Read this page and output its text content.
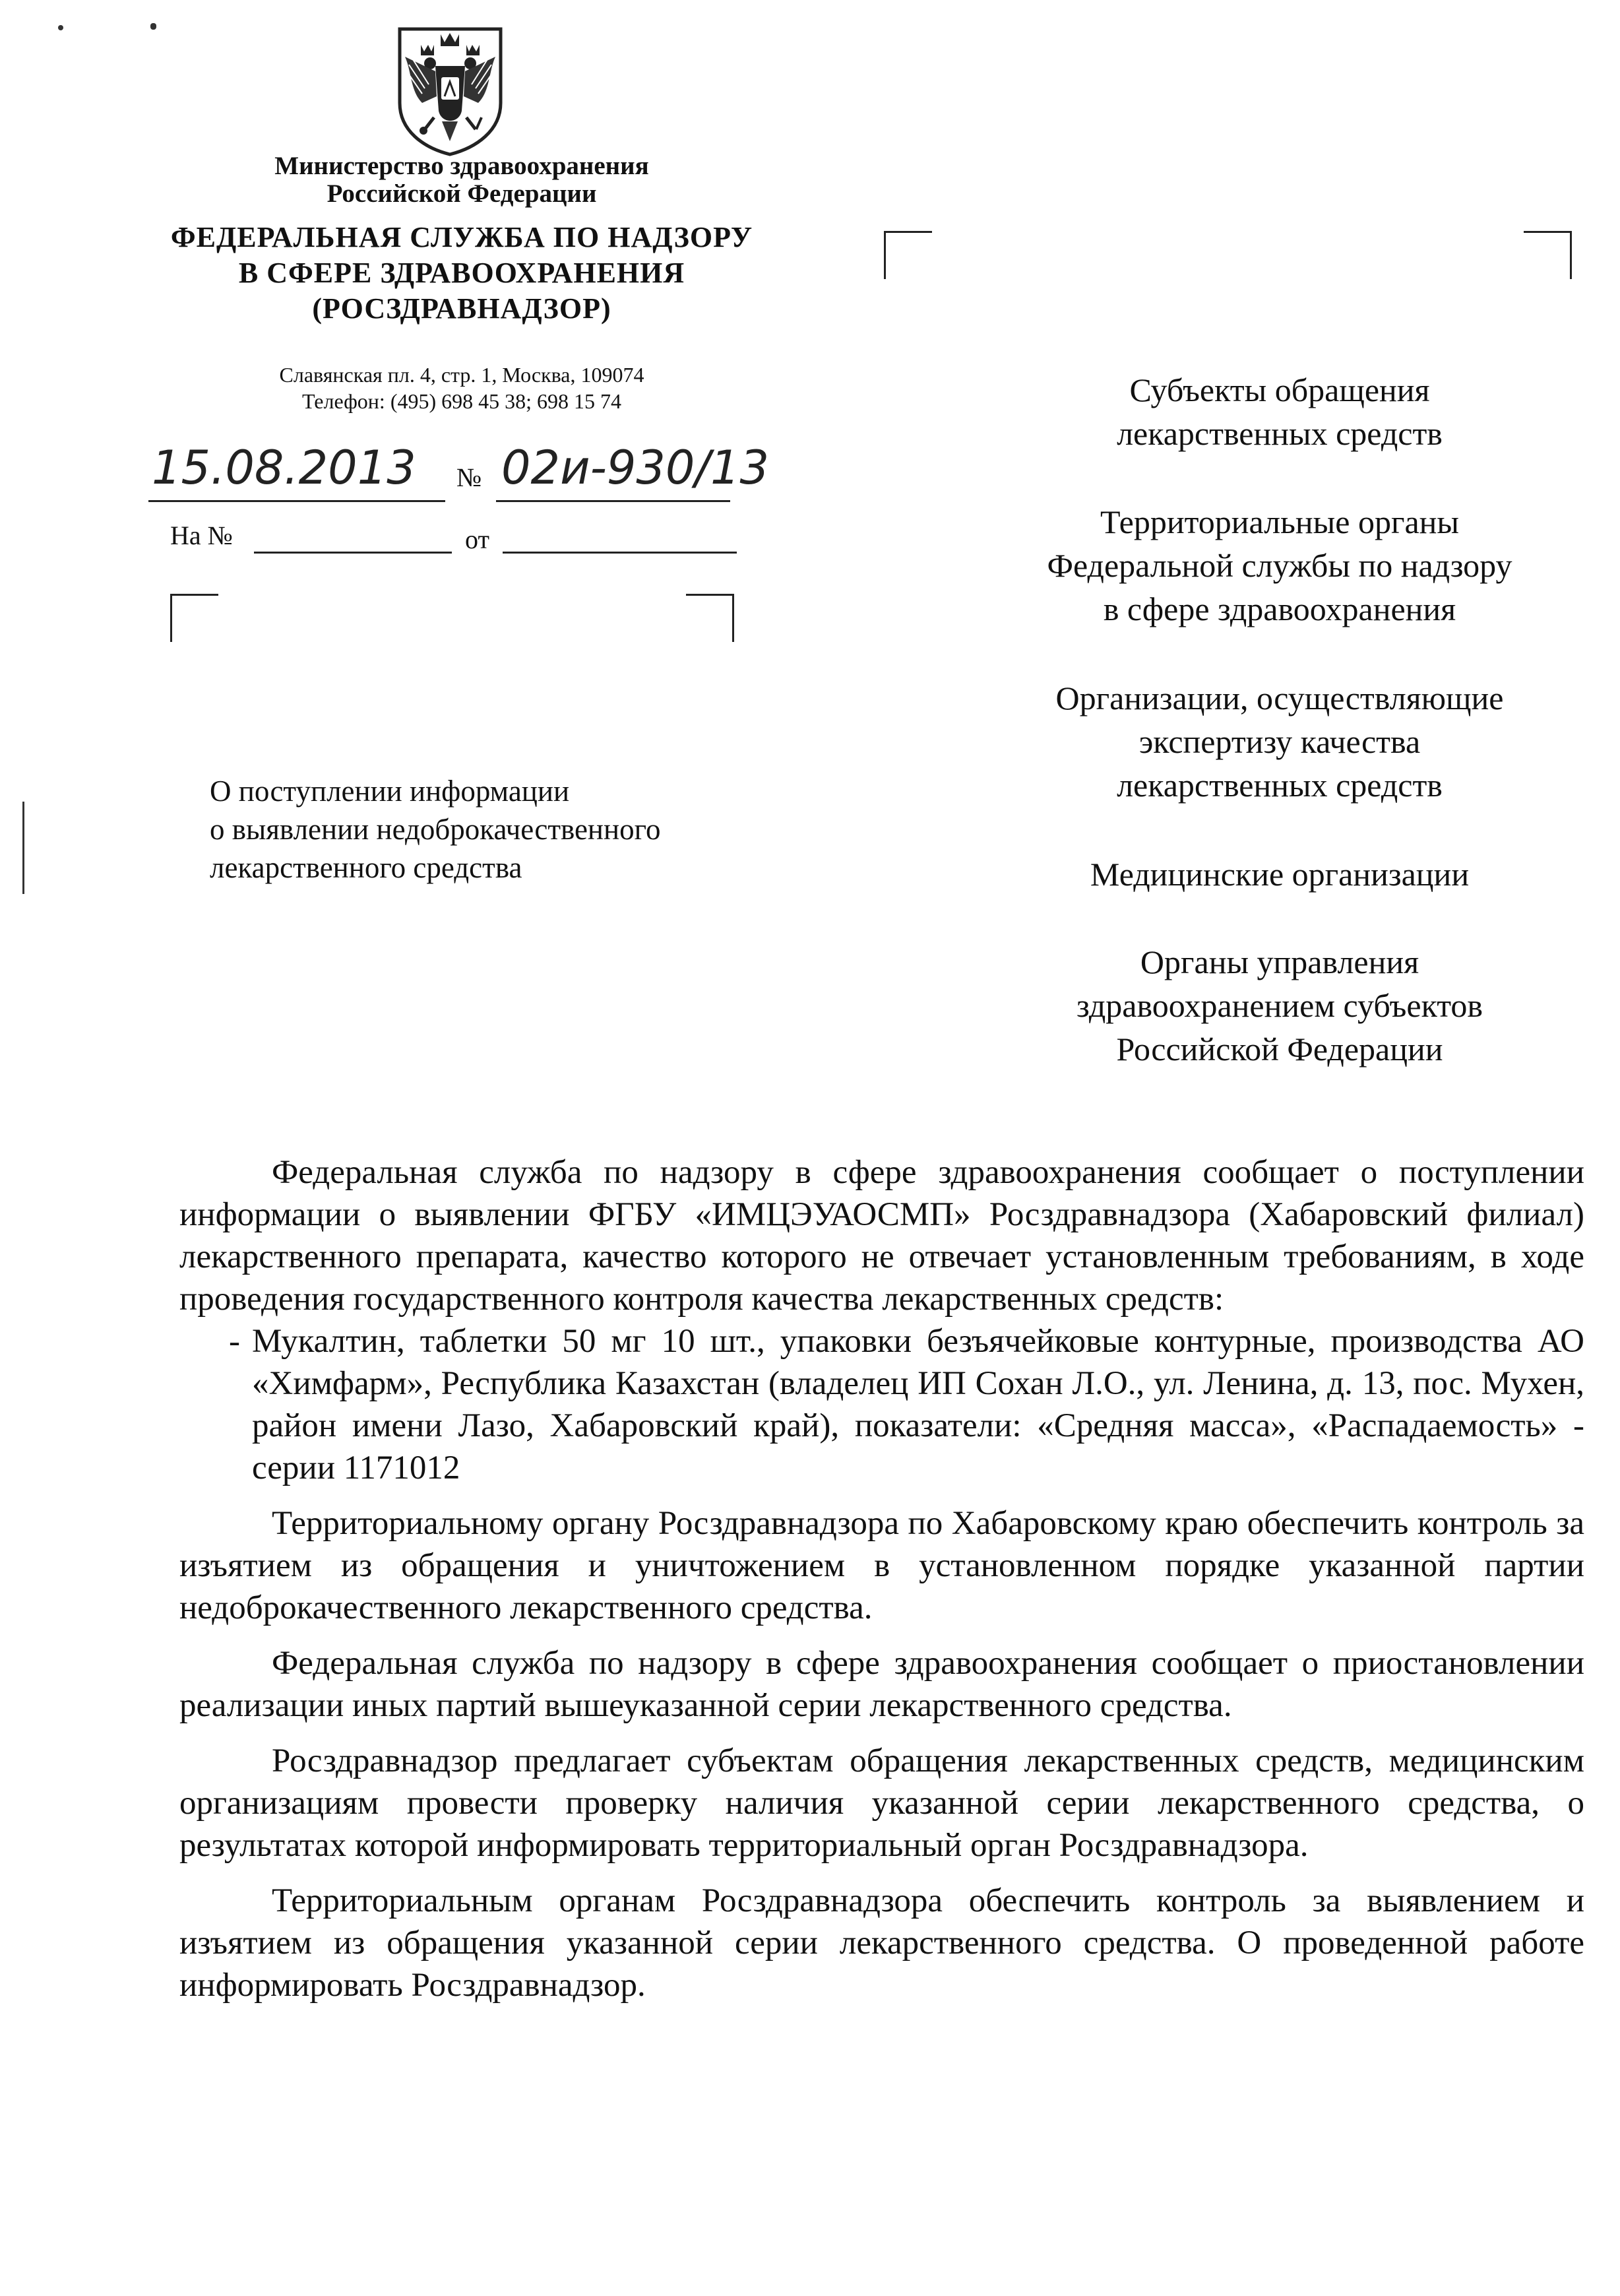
Министерство здравоохранения
Российской Федерации
ФЕДЕРАЛЬНАЯ СЛУЖБА ПО НАДЗОРУ
В СФЕРЕ ЗДРАВООХРАНЕНИЯ
(РОСЗДРАВНАДЗОР)
Славянская пл. 4, стр. 1, Москва, 109074
Телефон: (495) 698 45 38; 698 15 74
15.08.2013 № 02и-930/13
На №	от
О поступлении информации
о выявлении недоброкачественного
лекарственного средства
Субъекты обращения
лекарственных средств
Территориальные органы
Федеральной службы по надзору
в сфере здравоохранения
Организации, осуществляющие
экспертизу качества
лекарственных средств
Медицинские организации
Органы управления
здравоохранением субъектов
Российской Федерации

Федеральная служба по надзору в сфере здравоохранения сообщает о поступлении информации о выявлении ФГБУ «ИМЦЭУАОСМП» Росздравнадзора (Хабаровский филиал) лекарственного препарата, качество которого не отвечает установленным требованиям, в ходе проведения государственного контроля качества лекарственных средств:

- Мукалтин, таблетки 50 мг 10 шт., упаковки безъячейковые контурные, производства АО «Химфарм», Республика Казахстан (владелец ИП Сохан Л.О., ул. Ленина, д. 13, пос. Мухен, район имени Лазо, Хабаровский край), показатели: «Средняя масса», «Распадаемость» - серии 1171012

Территориальному органу Росздравнадзора по Хабаровскому краю обеспечить контроль за изъятием из обращения и уничтожением в установленном порядке указанной партии недоброкачественного лекарственного средства.

Федеральная служба по надзору в сфере здравоохранения сообщает о приостановлении реализации иных партий вышеуказанной серии лекарственного средства.

Росздравнадзор предлагает субъектам обращения лекарственных средств, медицинским организациям провести проверку наличия указанной серии лекарственного средства, о результатах которой информировать территориальный орган Росздравнадзора.

Территориальным органам Росздравнадзора обеспечить контроль за выявлением и изъятием из обращения указанной серии лекарственного средства. О проведенной работе информировать Росздравнадзор.
